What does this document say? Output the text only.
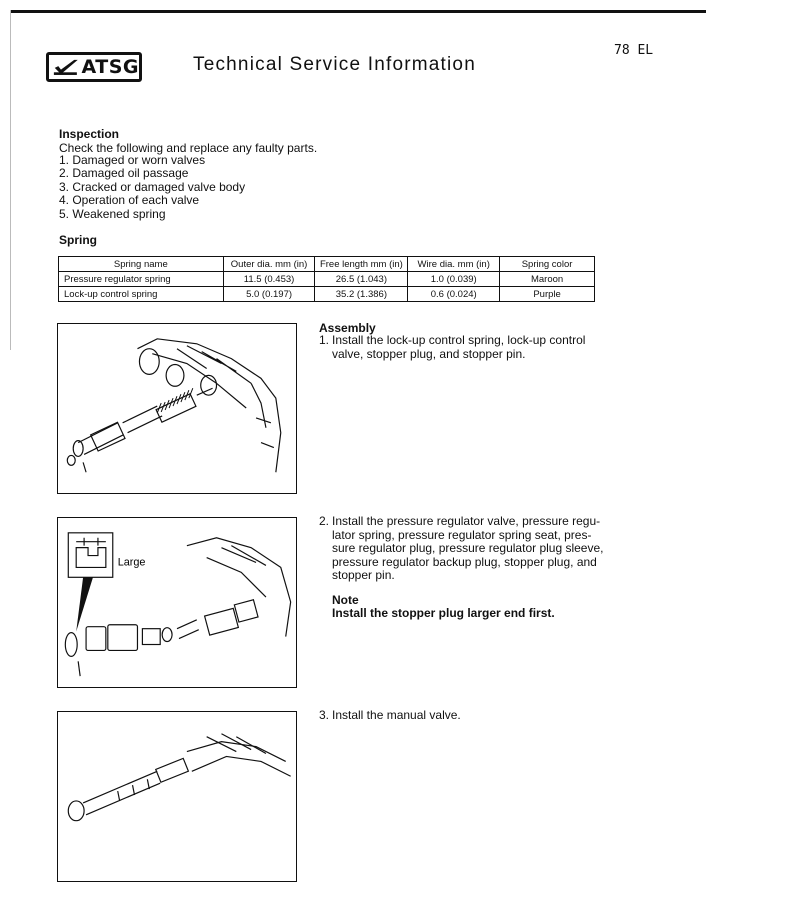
ATSG	Technical Service Information
78 EL
Inspection
Check the following and replace any faulty parts.
1. Damaged or worn valves
2. Damaged oil passage
3. Cracked or damaged valve body
4. Operation of each valve
5. Weakened spring
Spring
Spring name	Outer dia. mm (in)	Free length mm (in)	Wire dia. mm (in)	Spring color
Pressure regulator spring	11.5 (0.453)	26.5 (1.043)	1.0 (0.039)	Maroon
Lock-up control spring	5.0 (0.197)	35.2 (1.386)	0.6 (0.024)	Purple
Large
Assembly
1. Install the lock-up control spring, lock-up control
valve, stopper plug, and stopper pin.
2. Install the pressure regulator valve, pressure regu-
lator spring, pressure regulator spring seat, pres-
sure regulator plug, pressure regulator plug sleeve,
pressure regulator backup plug, stopper plug, and
stopper pin.
Note
Install the stopper plug larger end first.
3. Install the manual valve.
